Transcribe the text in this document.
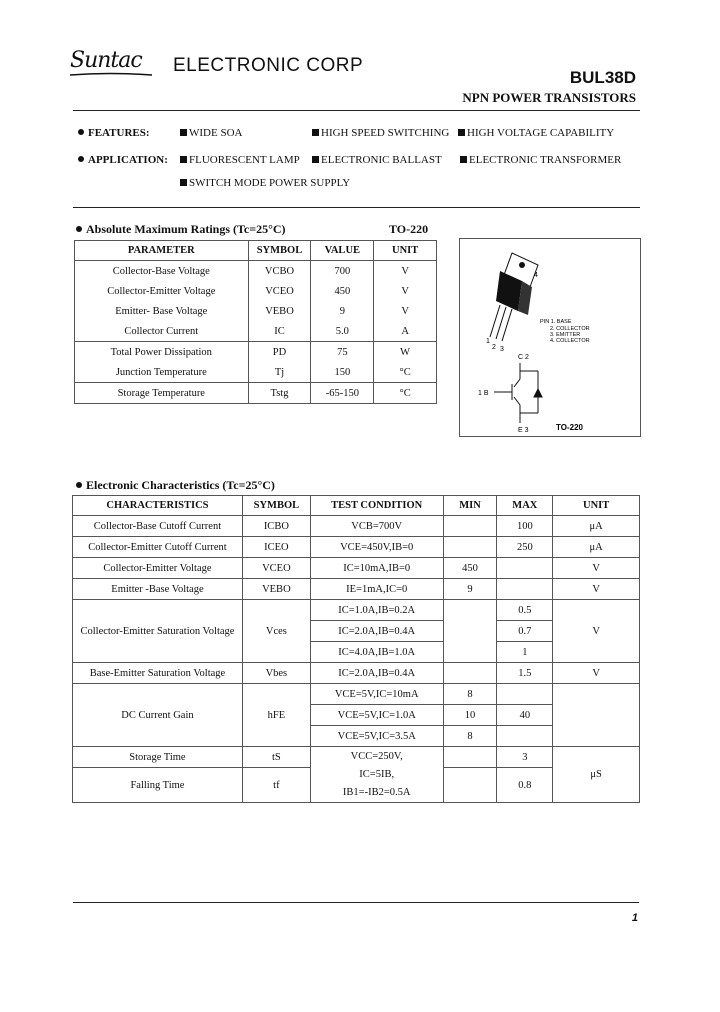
Suntac ELECTRONIC CORP
BUL38D
NPN POWER TRANSISTORS
FEATURES:	WIDE SOA	HIGH SPEED SWITCHING	HIGH VOLTAGE CAPABILITY
APPLICATION:	FLUORESCENT LAMP	ELECTRONIC BALLAST	ELECTRONIC TRANSFORMER
SWITCH MODE POWER SUPPLY
Absolute Maximum Ratings (Tc=25°C)	TO-220
PARAMETER	SYMBOL	VALUE	UNIT
Collector-Base Voltage	VCBO	700	V
Collector-Emitter Voltage	VCEO	450	V
Emitter- Base Voltage	VEBO	9	V
Collector Current	IC	5.0	A
Total Power Dissipation	PD	75	W
Junction Temperature	Tj	150	°C
Storage Temperature	Tstg	-65-150	°C
4
1
2 3
PIN 1. BASE
2. COLLECTOR
3. EMITTER
4. COLLECTOR
C 2
1 B
E 3	TO-220
Electronic Characteristics (Tc=25°C)
CHARACTERISTICS	SYMBOL	TEST CONDITION	MIN	MAX	UNIT
Collector-Base Cutoff Current	ICBO	VCB=700V		100	μA
Collector-Emitter Cutoff Current	ICEO	VCE=450V,IB=0		250	μA
Collector-Emitter Voltage	VCEO	IC=10mA,IB=0	450		V
Emitter -Base Voltage	VEBO	IE=1mA,IC=0	9		V
Collector-Emitter Saturation Voltage	Vces	IC=1.0A,IB=0.2A		0.5	V
		IC=2.0A,IB=0.4A		0.7	
		IC=4.0A,IB=1.0A		1	
Base-Emitter Saturation Voltage	Vbes	IC=2.0A,IB=0.4A		1.5	V
DC Current Gain	hFE	VCE=5V,IC=10mA	8		
		VCE=5V,IC=1.0A	10	40	
		VCE=5V,IC=3.5A	8		
Storage Time	tS	VCC=250V,
IC=5IB,
IB1=-IB2=0.5A		3	μS
Falling Time	tf			0.8	
1
